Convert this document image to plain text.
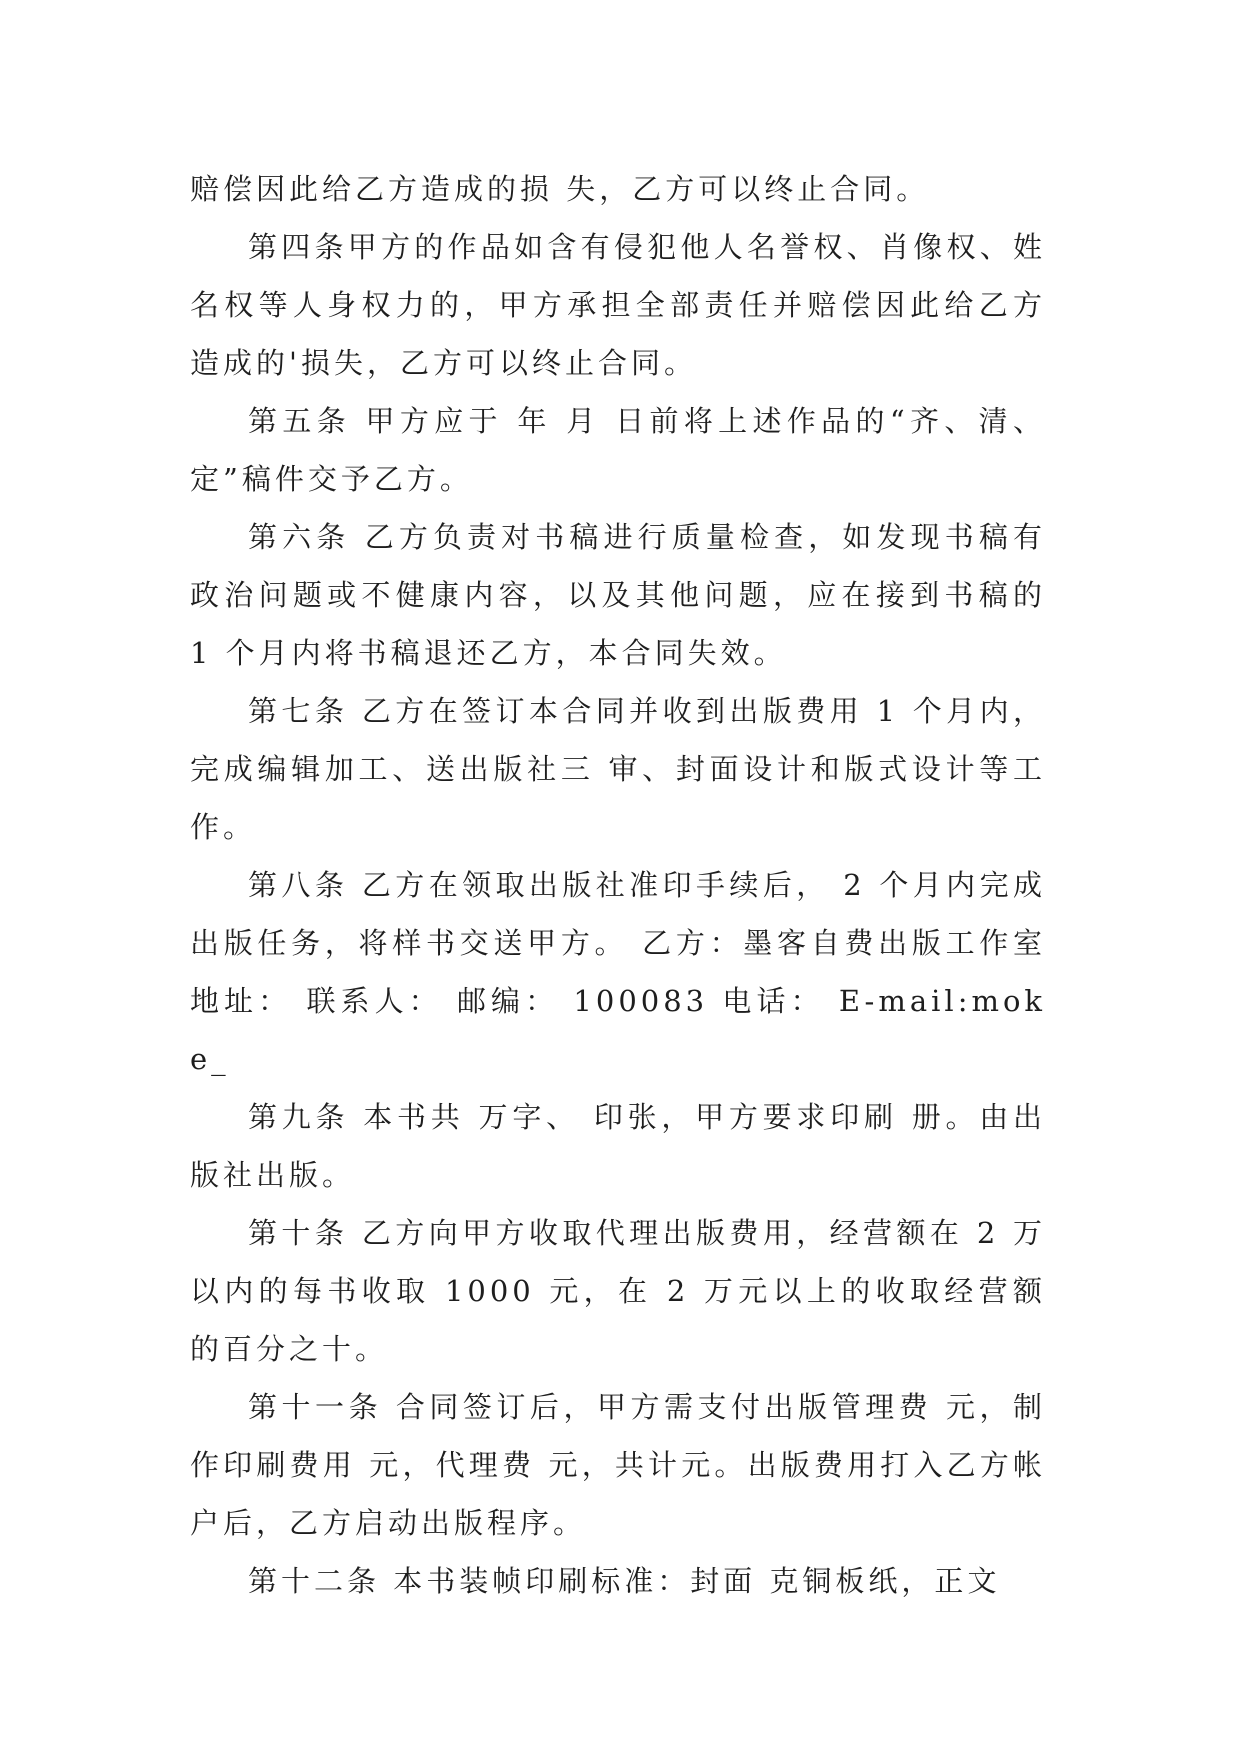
赔偿因此给乙方造成的损 失，乙方可以终止合同。

第四条甲方的作品如含有侵犯他人名誉权、肖像权、姓名权等人身权力的，甲方承担全部责任并赔偿因此给乙方造成的'损失，乙方可以终止合同。

第五条 甲方应于 年 月 日前将上述作品的“齐、清、定”稿件交予乙方。

第六条 乙方负责对书稿进行质量检查，如发现书稿有政治问题或不健康内容，以及其他问题，应在接到书稿的 1 个月内将书稿退还乙方，本合同失效。

第七条 乙方在签订本合同并收到出版费用 1 个月内，完成编辑加工、送出版社三 审、封面设计和版式设计等工作。

第八条 乙方在领取出版社准印手续后， 2 个月内完成出版任务，将样书交送甲方。 乙方：墨客自费出版工作室 地址： 联系人： 邮编： 100083 电话： E-mail:moke_

第九条 本书共 万字、 印张，甲方要求印刷 册。由出版社出版。

第十条 乙方向甲方收取代理出版费用，经营额在 2 万以内的每书收取 1000 元，在 2 万元以上的收取经营额的百分之十。

第十一条 合同签订后，甲方需支付出版管理费 元，制作印刷费用 元，代理费 元，共计元。出版费用打入乙方帐户后，乙方启动出版程序。

第十二条 本书装帧印刷标准：封面 克铜板纸，正文
